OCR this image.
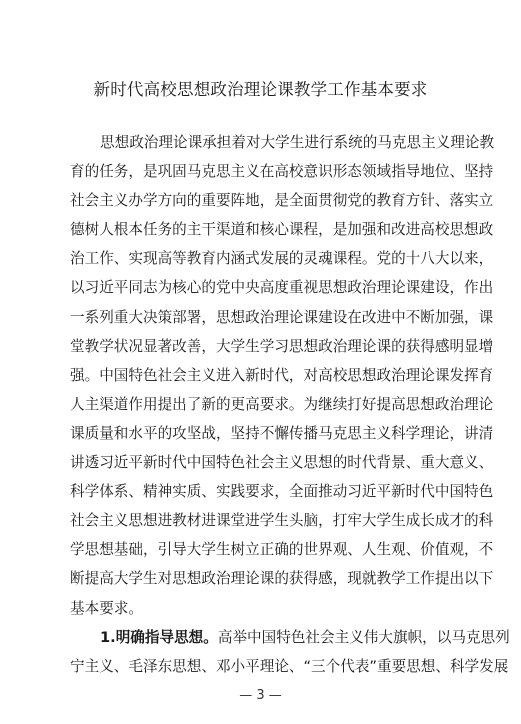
新时代高校思想政治理论课教学工作基本要求
思想政治理论课承担着对大学生进行系统的马克思主义理论教
育的任务，是巩固马克思主义在高校意识形态领域指导地位、坚持
社会主义办学方向的重要阵地，是全面贯彻党的教育方针、落实立
德树人根本任务的主干渠道和核心课程，是加强和改进高校思想政
治工作、实现高等教育内涵式发展的灵魂课程。党的十八大以来，
以习近平同志为核心的党中央高度重视思想政治理论课建设，作出
一系列重大决策部署，思想政治理论课建设在改进中不断加强，课
堂教学状况显著改善，大学生学习思想政治理论课的获得感明显增
强。中国特色社会主义进入新时代，对高校思想政治理论课发挥育
人主渠道作用提出了新的更高要求。为继续打好提高思想政治理论
课质量和水平的攻坚战，坚持不懈传播马克思主义科学理论，讲清
讲透习近平新时代中国特色社会主义思想的时代背景、重大意义、
科学体系、精神实质、实践要求，全面推动习近平新时代中国特色
社会主义思想进教材进课堂进学生头脑，打牢大学生成长成才的科
学思想基础，引导大学生树立正确的世界观、人生观、价值观，不
断提高大学生对思想政治理论课的获得感，现就教学工作提出以下
基本要求。
1.明确指导思想。高举中国特色社会主义伟大旗帜，以马克思列
宁主义、毛泽东思想、邓小平理论、“三个代表”重要思想、科学发展
— 3 —
